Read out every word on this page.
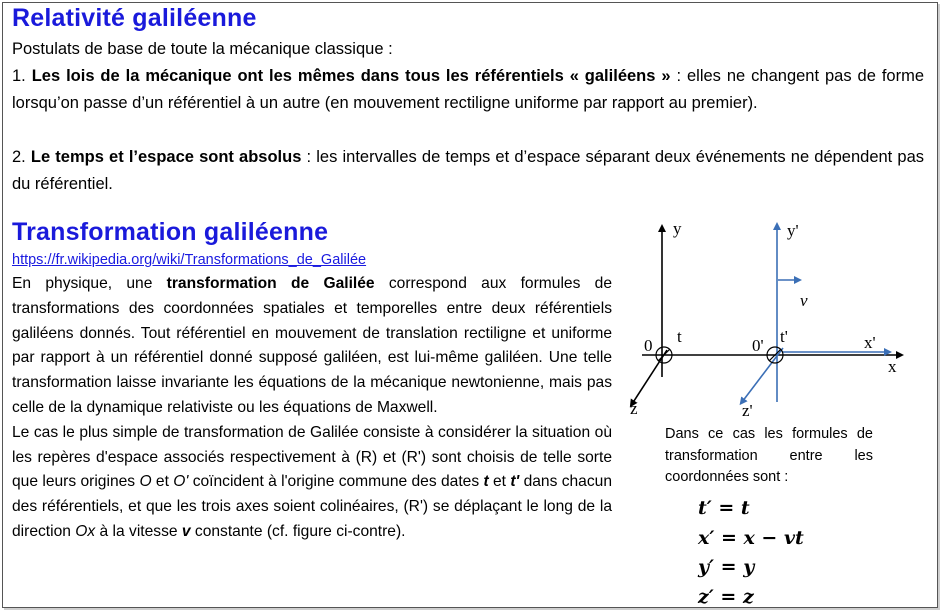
Relativité galiléenne

Postulats de base de toute la mécanique classique :

1. Les lois de la mécanique ont les mêmes dans tous les référentiels « galiléens » : elles ne changent pas de forme lorsqu’on passe d’un référentiel à un autre (en mouvement rectiligne uniforme par rapport au premier).

2. Le temps et l’espace sont absolus : les intervalles de temps et d’espace séparant deux événements ne dépendent pas du référentiel.

Transformation galiléenne
https://fr.wikipedia.org/wiki/Transformations_de_Galilée
En physique, une transformation de Galilée correspond aux formules de transformations des coordonnées spatiales et temporelles entre deux référentiels galiléens donnés. Tout référentiel en mouvement de translation rectiligne et uniforme par rapport à un référentiel donné supposé galiléen, est lui-même galiléen. Une telle transformation laisse invariante les équations de la mécanique newtonienne, mais pas celle de la dynamique relativiste ou les équations de Maxwell.
Le cas le plus simple de transformation de Galilée consiste à considérer la situation où les repères d'espace associés respectivement à (R) et (R') sont choisis de telle sorte que leurs origines O et O' coïncident à l'origine commune des dates t et t' dans chacun des référentiels, et que les trois axes soient colinéaires, (R') se déplaçant le long de la direction Ox à la vitesse v constante (cf. figure ci-contre).
y	y'
x
x'
z	z'
0	0'
t	t'
v

Dans ce cas les formules de transformation entre les coordonnées sont :

t′ = t
x′ = x − vt
y′ = y
z′ = z
